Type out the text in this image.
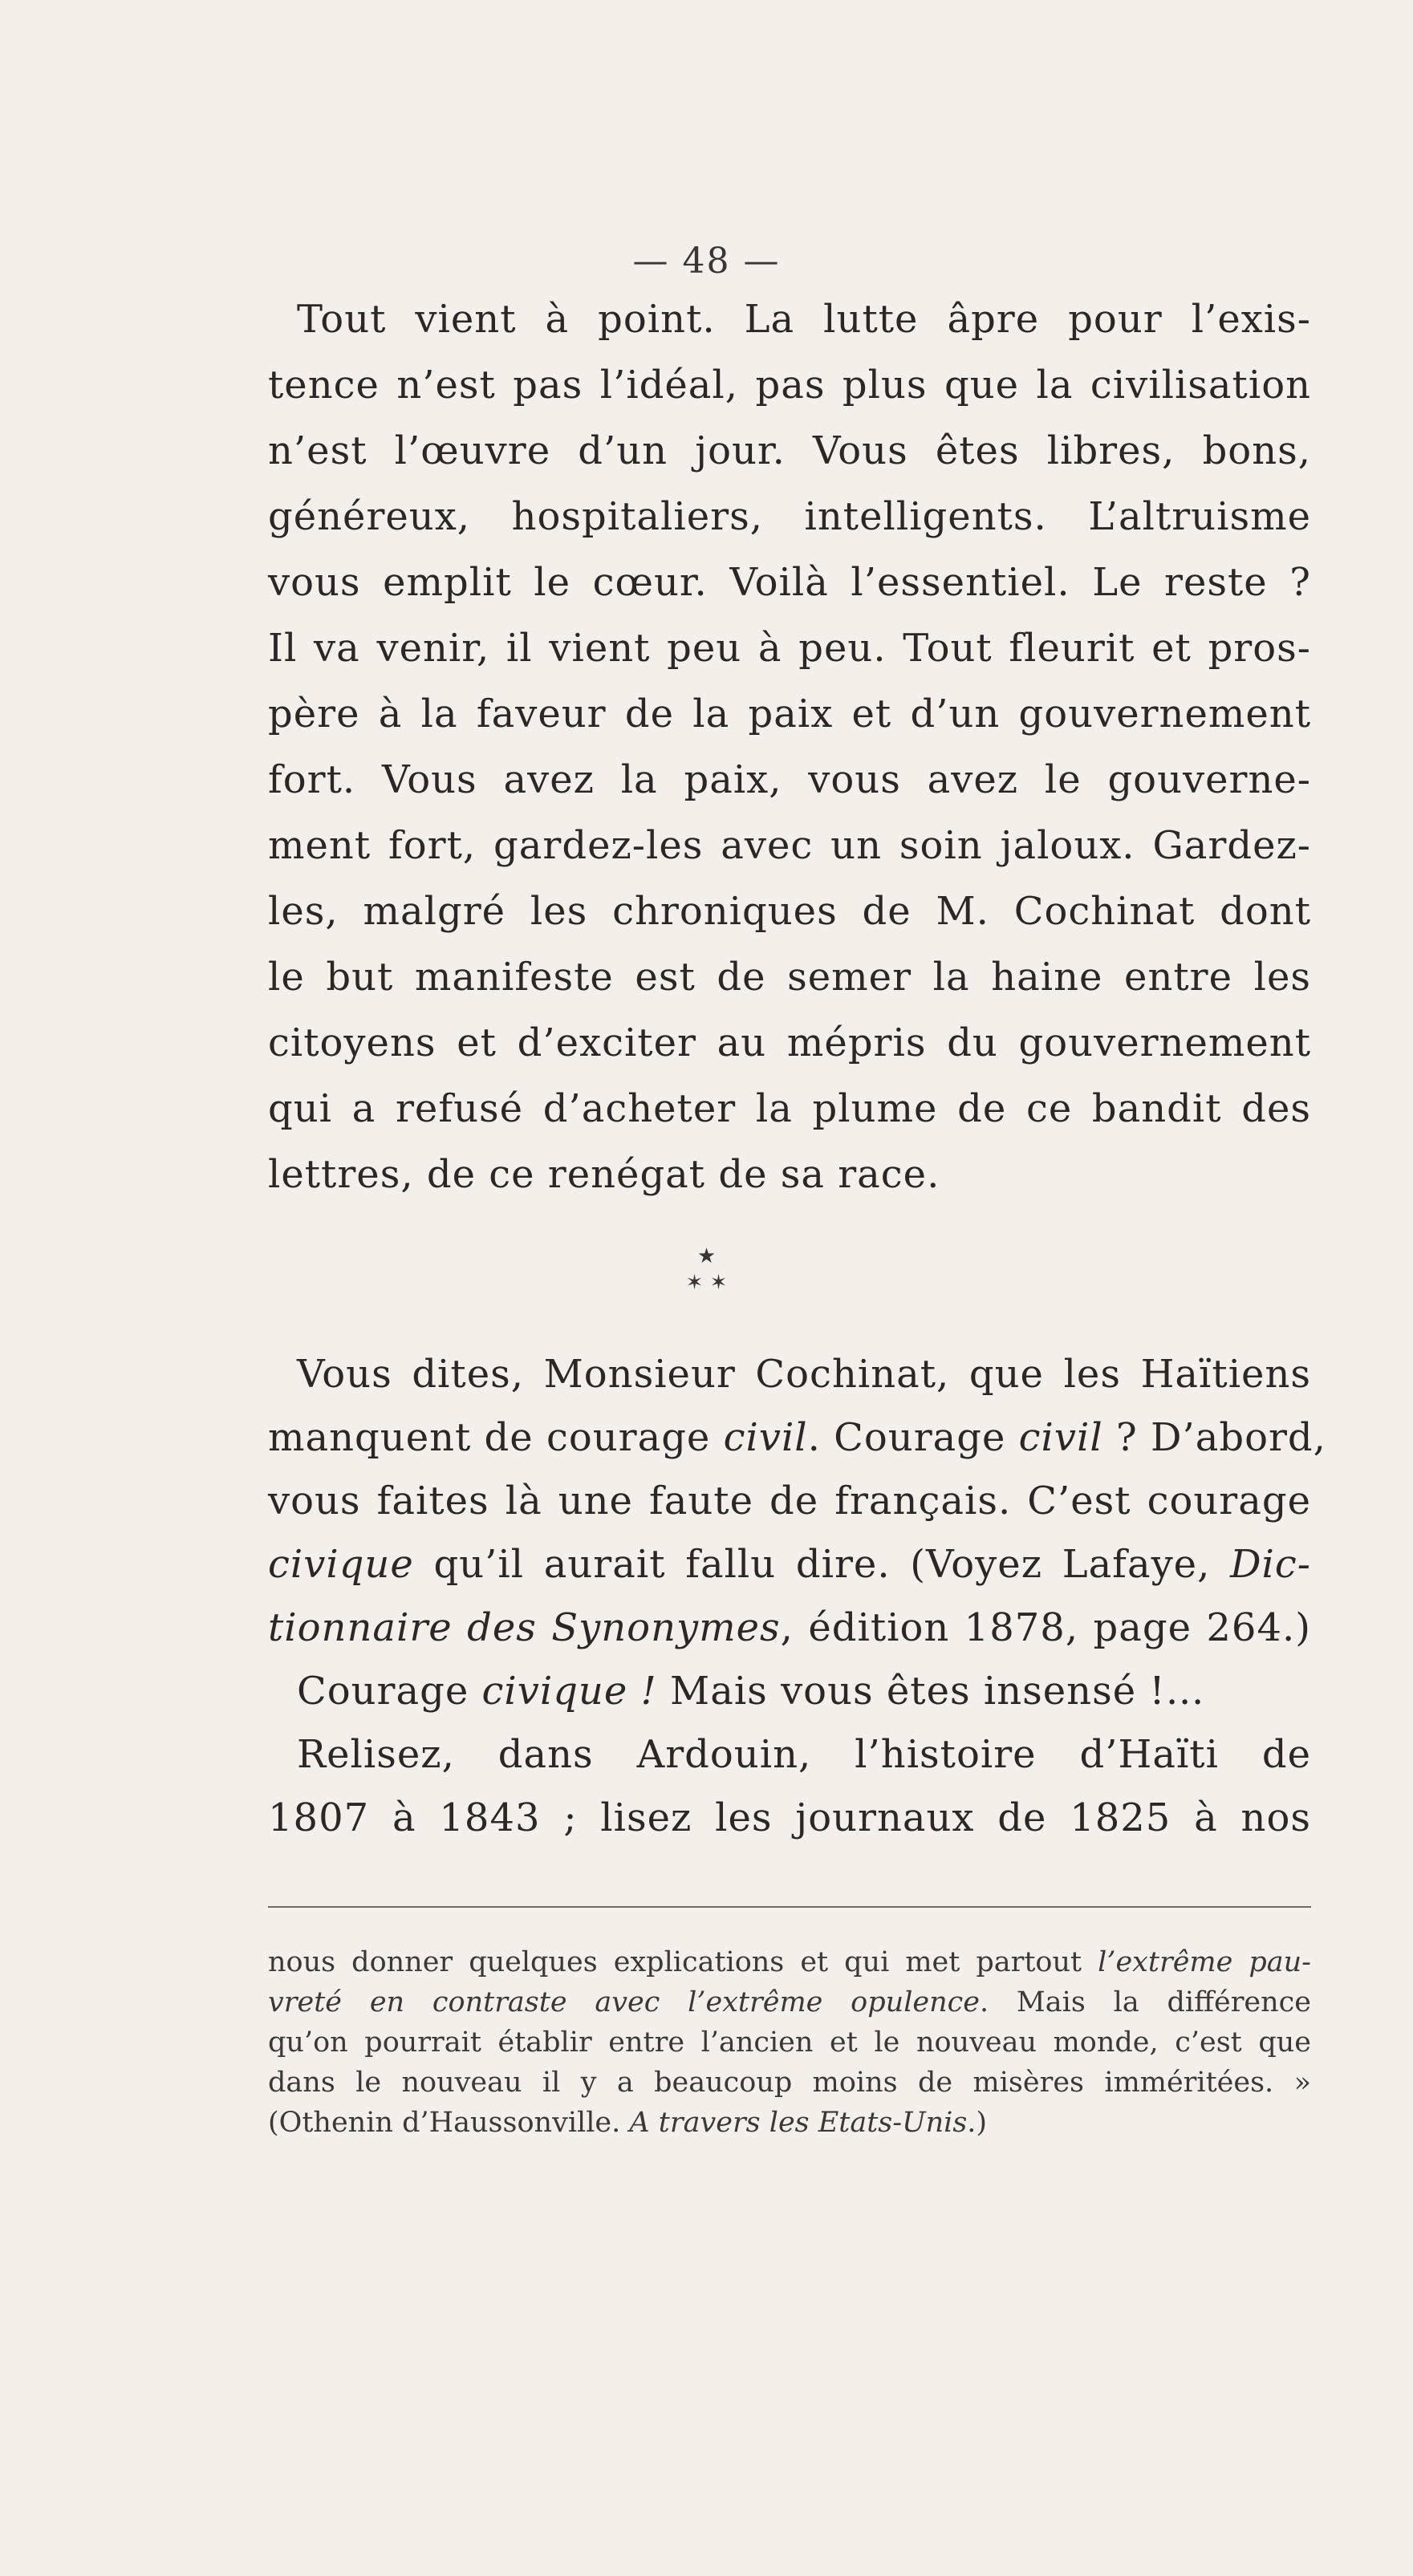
— 48 —
Tout vient à point. La lutte âpre pour l’exis-
tence n’est pas l’idéal, pas plus que la civilisation
n’est l’œuvre d’un jour. Vous êtes libres, bons,
généreux, hospitaliers, intelligents. L’altruisme
vous emplit le cœur. Voilà l’essentiel. Le reste ?
Il va venir, il vient peu à peu. Tout fleurit et pros-
père à la faveur de la paix et d’un gouvernement
fort. Vous avez la paix, vous avez le gouverne-
ment fort, gardez-les avec un soin jaloux. Gardez-
les, malgré les chroniques de M. Cochinat dont
le but manifeste est de semer la haine entre les
citoyens et d’exciter au mépris du gouvernement
qui a refusé d’acheter la plume de ce bandit des
lettres, de ce renégat de sa race.
★
✶ ✶
Vous dites, Monsieur Cochinat, que les Haïtiens
manquent de courage civil. Courage civil ? D’abord,
vous faites là une faute de français. C’est courage
civique qu’il aurait fallu dire. (Voyez Lafaye, Dic-
tionnaire des Synonymes, édition 1878, page 264.)
Courage civique ! Mais vous êtes insensé !…
Relisez, dans Ardouin, l’histoire d’Haïti de
1807 à 1843 ; lisez les journaux de 1825 à nos
nous donner quelques explications et qui met partout l’extrême pau-
vreté en contraste avec l’extrême opulence. Mais la différence
qu’on pourrait établir entre l’ancien et le nouveau monde, c’est que
dans le nouveau il y a beaucoup moins de misères imméritées. »
(Othenin d’Haussonville. A travers les Etats-Unis.)
